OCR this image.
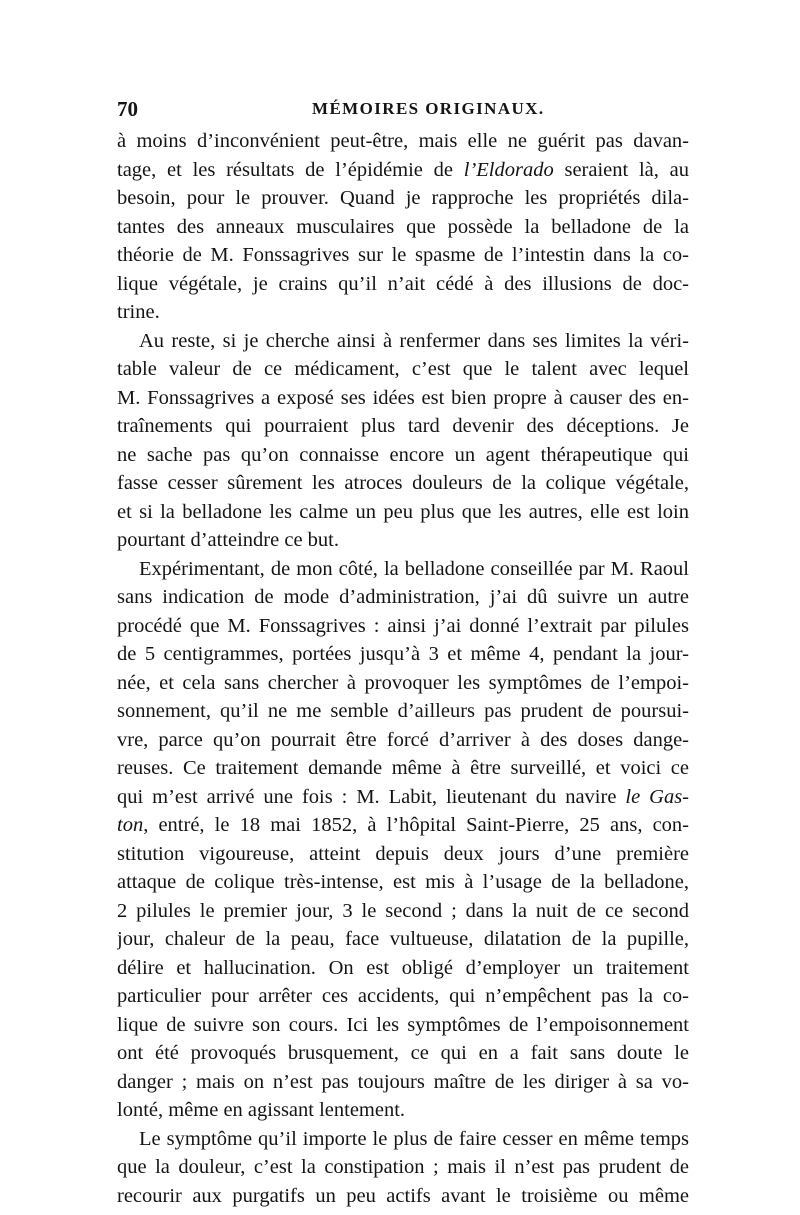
70	MÉMOIRES ORIGINAUX.
à moins d’inconvénient peut-être, mais elle ne guérit pas davan-
tage, et les résultats de l’épidémie de l’Eldorado seraient là, au
besoin, pour le prouver. Quand je rapproche les propriétés dila-
tantes des anneaux musculaires que possède la belladone de la
théorie de M. Fonssagrives sur le spasme de l’intestin dans la co-
lique végétale, je crains qu’il n’ait cédé à des illusions de doc-
trine.
Au reste, si je cherche ainsi à renfermer dans ses limites la véri-
table valeur de ce médicament, c’est que le talent avec lequel
M. Fonssagrives a exposé ses idées est bien propre à causer des en-
traînements qui pourraient plus tard devenir des déceptions. Je
ne sache pas qu’on connaisse encore un agent thérapeutique qui
fasse cesser sûrement les atroces douleurs de la colique végétale,
et si la belladone les calme un peu plus que les autres, elle est loin
pourtant d’atteindre ce but.
Expérimentant, de mon côté, la belladone conseillée par M. Raoul
sans indication de mode d’administration, j’ai dû suivre un autre
procédé que M. Fonssagrives : ainsi j’ai donné l’extrait par pilules
de 5 centigrammes, portées jusqu’à 3 et même 4, pendant la jour-
née, et cela sans chercher à provoquer les symptômes de l’empoi-
sonnement, qu’il ne me semble d’ailleurs pas prudent de poursui-
vre, parce qu’on pourrait être forcé d’arriver à des doses dange-
reuses. Ce traitement demande même à être surveillé, et voici ce
qui m’est arrivé une fois : M. Labit, lieutenant du navire le Gas-
ton, entré, le 18 mai 1852, à l’hôpital Saint-Pierre, 25 ans, con-
stitution vigoureuse, atteint depuis deux jours d’une première
attaque de colique très-intense, est mis à l’usage de la belladone,
2 pilules le premier jour, 3 le second ; dans la nuit de ce second
jour, chaleur de la peau, face vultueuse, dilatation de la pupille,
délire et hallucination. On est obligé d’employer un traitement
particulier pour arrêter ces accidents, qui n’empêchent pas la co-
lique de suivre son cours. Ici les symptômes de l’empoisonnement
ont été provoqués brusquement, ce qui en a fait sans doute le
danger ; mais on n’est pas toujours maître de les diriger à sa vo-
lonté, même en agissant lentement.
Le symptôme qu’il importe le plus de faire cesser en même temps
que la douleur, c’est la constipation ; mais il n’est pas prudent de
recourir aux purgatifs un peu actifs avant le troisième ou même
